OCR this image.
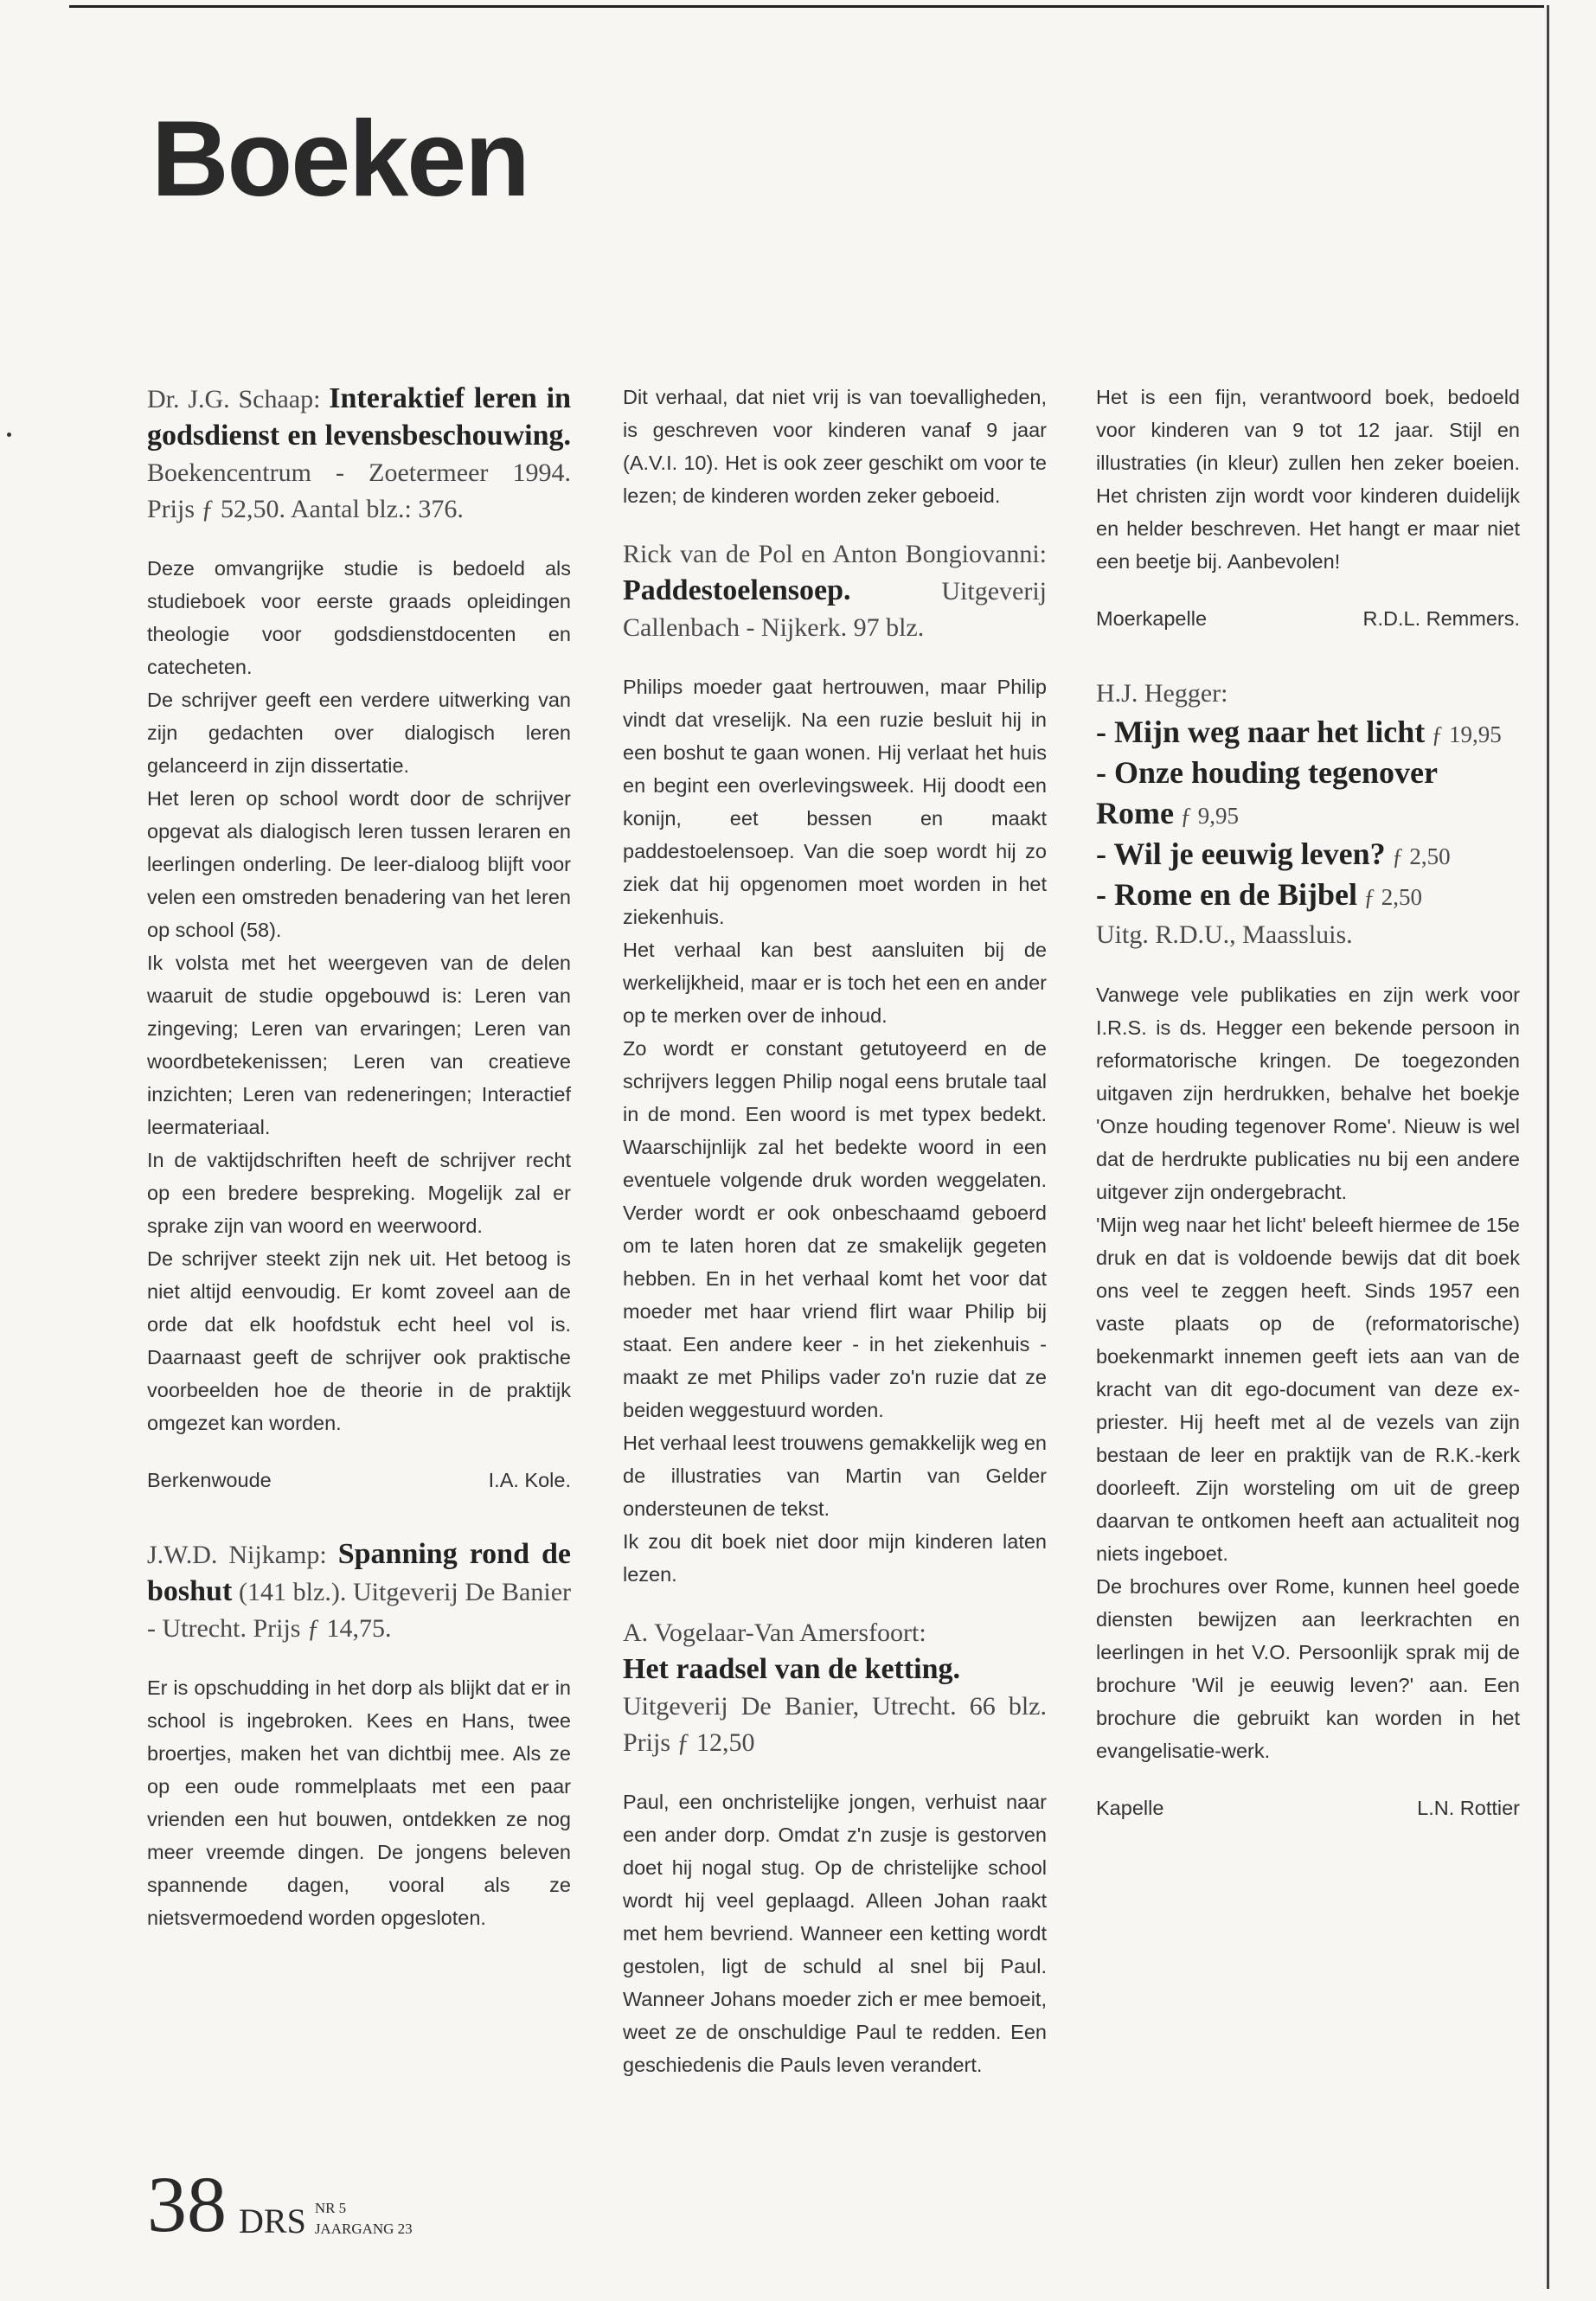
Boeken

Dr. J.G. Schaap: Interaktief leren in godsdienst en levensbeschouwing. Boekencentrum - Zoetermeer 1994. Prijs ƒ 52,50. Aantal blz.: 376.

Deze omvangrijke studie is bedoeld als studieboek voor eerste graads opleidingen theologie voor godsdienstdocenten en catecheten.

De schrijver geeft een verdere uitwerking van zijn gedachten over dialogisch leren gelanceerd in zijn dissertatie.

Het leren op school wordt door de schrijver opgevat als dialogisch leren tussen leraren en leerlingen onderling. De leer-dialoog blijft voor velen een omstreden benadering van het leren op school (58).

Ik volsta met het weergeven van de delen waaruit de studie opgebouwd is: Leren van zingeving; Leren van ervaringen; Leren van woordbetekenissen; Leren van creatieve inzichten; Leren van redeneringen; Interactief leermateriaal.

In de vaktijdschriften heeft de schrijver recht op een bredere bespreking. Mogelijk zal er sprake zijn van woord en weerwoord.

De schrijver steekt zijn nek uit. Het betoog is niet altijd eenvoudig. Er komt zoveel aan de orde dat elk hoofdstuk echt heel vol is. Daarnaast geeft de schrijver ook praktische voorbeelden hoe de theorie in de praktijk omgezet kan worden.

Berkenwoude	I.A. Kole.

J.W.D. Nijkamp: Spanning rond de boshut (141 blz.). Uitgeverij De Banier - Utrecht. Prijs ƒ 14,75.

Er is opschudding in het dorp als blijkt dat er in school is ingebroken. Kees en Hans, twee broertjes, maken het van dichtbij mee. Als ze op een oude rommelplaats met een paar vrienden een hut bouwen, ontdekken ze nog meer vreemde dingen. De jongens beleven spannende dagen, vooral als ze nietsvermoedend worden opgesloten.

Dit verhaal, dat niet vrij is van toevalligheden, is geschreven voor kinderen vanaf 9 jaar (A.V.I. 10). Het is ook zeer geschikt om voor te lezen; de kinderen worden zeker geboeid.

Rick van de Pol en Anton Bongiovanni: Paddestoelensoep.	Uitgeverij Callenbach - Nijkerk. 97 blz.

Philips moeder gaat hertrouwen, maar Philip vindt dat vreselijk. Na een ruzie besluit hij in een boshut te gaan wonen. Hij verlaat het huis en begint een overlevingsweek. Hij doodt een konijn, eet bessen en maakt paddestoelensoep. Van die soep wordt hij zo ziek dat hij opgenomen moet worden in het ziekenhuis.

Het verhaal kan best aansluiten bij de werkelijkheid, maar er is toch het een en ander op te merken over de inhoud.

Zo wordt er constant getutoyeerd en de schrijvers leggen Philip nogal eens brutale taal in de mond. Een woord is met typex bedekt. Waarschijnlijk zal het bedekte woord in een eventuele volgende druk worden weggelaten. Verder wordt er ook onbeschaamd geboerd om te laten horen dat ze smakelijk gegeten hebben. En in het verhaal komt het voor dat moeder met haar vriend flirt waar Philip bij staat. Een andere keer - in het ziekenhuis - maakt ze met Philips vader zo'n ruzie dat ze beiden weggestuurd worden.

Het verhaal leest trouwens gemakkelijk weg en de illustraties van Martin van Gelder ondersteunen de tekst.

Ik zou dit boek niet door mijn kinderen laten lezen.

A. Vogelaar-Van Amersfoort:
Het raadsel van de ketting.
Uitgeverij De Banier, Utrecht. 66 blz. Prijs ƒ 12,50

Paul, een onchristelijke jongen, verhuist naar een ander dorp. Omdat z'n zusje is gestorven doet hij nogal stug. Op de christelijke school wordt hij veel geplaagd. Alleen Johan raakt met hem bevriend. Wanneer een ketting wordt gestolen, ligt de schuld al snel bij Paul. Wanneer Johans moeder zich er mee bemoeit, weet ze de onschuldige Paul te redden. Een geschiedenis die Pauls leven verandert.

Het is een fijn, verantwoord boek, bedoeld voor kinderen van 9 tot 12 jaar. Stijl en illustraties (in kleur) zullen hen zeker boeien. Het christen zijn wordt voor kinderen duidelijk en helder beschreven. Het hangt er maar niet een beetje bij. Aanbevolen!

Moerkapelle	R.D.L. Remmers.
H.J. Hegger:
- Mijn weg naar het licht ƒ 19,95
- Onze houding tegenover Rome ƒ 9,95
- Wil je eeuwig leven? ƒ 2,50
- Rome en de Bijbel ƒ 2,50
Uitg. R.D.U., Maassluis.

Vanwege vele publikaties en zijn werk voor I.R.S. is ds. Hegger een bekende persoon in reformatorische kringen. De toegezonden uitgaven zijn herdrukken, behalve het boekje 'Onze houding tegenover Rome'. Nieuw is wel dat de herdrukte publicaties nu bij een andere uitgever zijn ondergebracht.

'Mijn weg naar het licht' beleeft hiermee de 15e druk en dat is voldoende bewijs dat dit boek ons veel te zeggen heeft. Sinds 1957 een vaste plaats op de (reformatorische) boekenmarkt innemen geeft iets aan van de kracht van dit ego-document van deze ex-priester. Hij heeft met al de vezels van zijn bestaan de leer en praktijk van de R.K.-kerk doorleeft. Zijn worsteling om uit de greep daarvan te ontkomen heeft aan actualiteit nog niets ingeboet.

De brochures over Rome, kunnen heel goede diensten bewijzen aan leerkrachten en leerlingen in het V.O. Persoonlijk sprak mij de brochure 'Wil je eeuwig leven?' aan. Een brochure die gebruikt kan worden in het evangelisatie-werk.

Kapelle	L.N. Rottier
38 DRS NR 5
JAARGANG 23
